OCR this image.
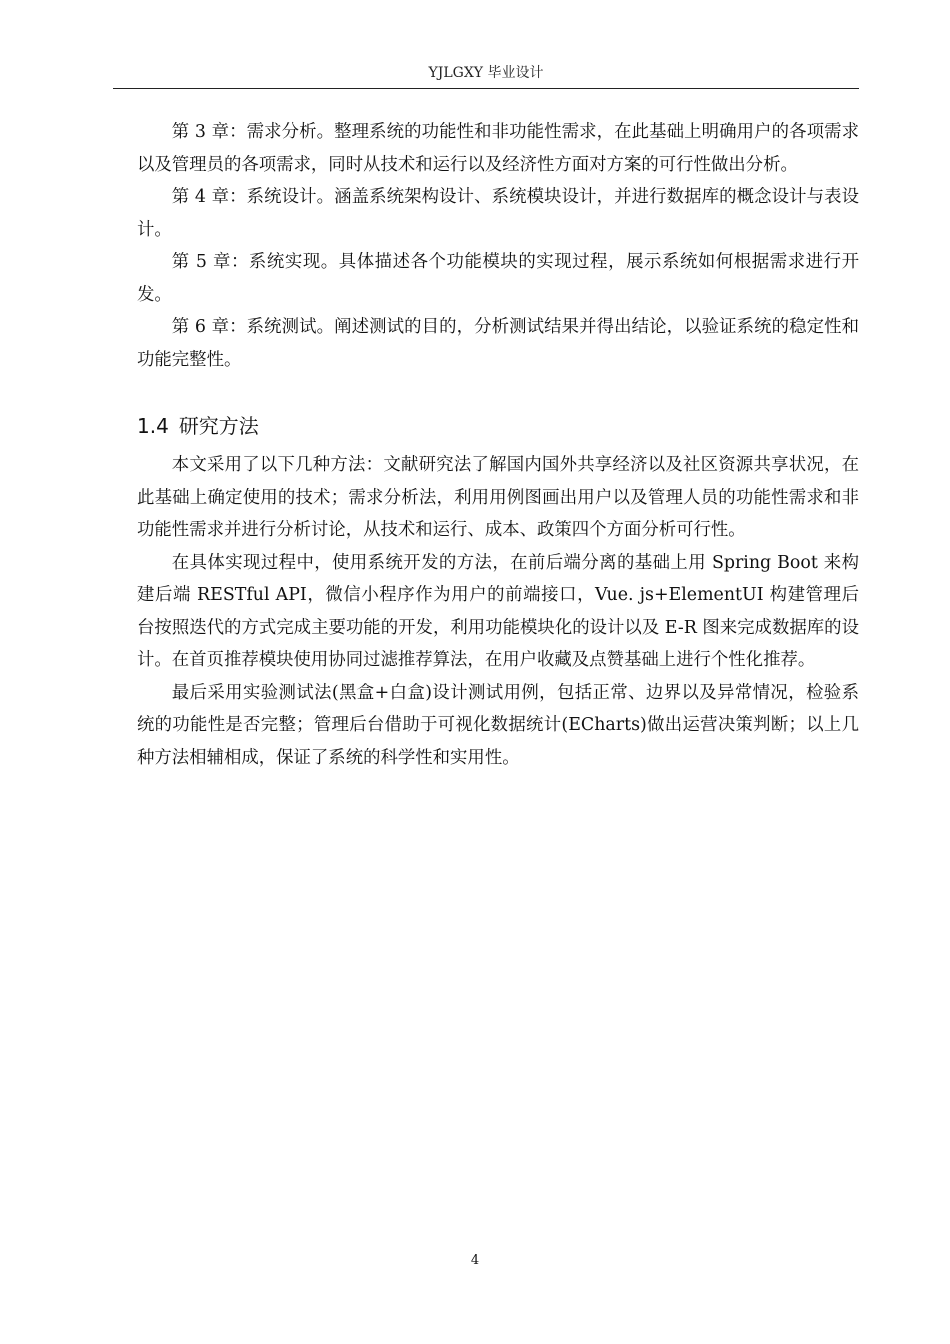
YJLGXY 毕业设计

第 3 章：需求分析。整理系统的功能性和非功能性需求，在此基础上明确用户的各项需求以及管理员的各项需求，同时从技术和运行以及经济性方面对方案的可行性做出分析。

第 4 章：系统设计。涵盖系统架构设计、系统模块设计，并进行数据库的概念设计与表设计。

第 5 章：系统实现。具体描述各个功能模块的实现过程，展示系统如何根据需求进行开发。

第 6 章：系统测试。阐述测试的目的，分析测试结果并得出结论，以验证系统的稳定性和功能完整性。

1.4 研究方法

本文采用了以下几种方法：文献研究法了解国内国外共享经济以及社区资源共享状况，在此基础上确定使用的技术；需求分析法，利用用例图画出用户以及管理人员的功能性需求和非功能性需求并进行分析讨论，从技术和运行、成本、政策四个方面分析可行性。

在具体实现过程中，使用系统开发的方法，在前后端分离的基础上用 Spring Boot 来构建后端 RESTful API，微信小程序作为用户的前端接口，Vue. js+ElementUI 构建管理后台按照迭代的方式完成主要功能的开发，利用功能模块化的设计以及 E-R 图来完成数据库的设计。在首页推荐模块使用协同过滤推荐算法，在用户收藏及点赞基础上进行个性化推荐。

最后采用实验测试法(黑盒+白盒)设计测试用例，包括正常、边界以及异常情况，检验系统的功能性是否完整；管理后台借助于可视化数据统计(ECharts)做出运营决策判断；以上几种方法相辅相成，保证了系统的科学性和实用性。

4
